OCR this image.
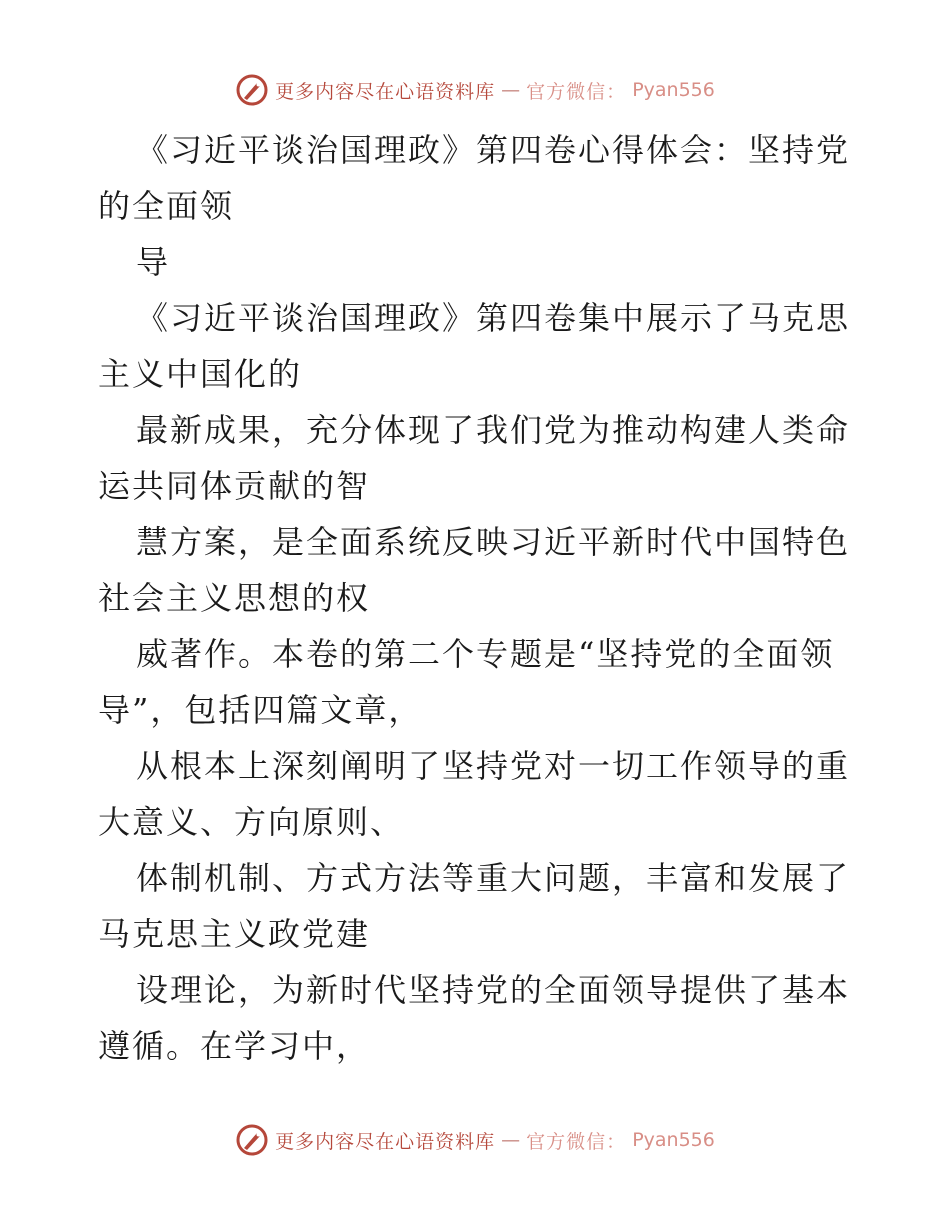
更多内容尽在心语资料库 — 官方微信： Pyan556
《习近平谈治国理政》第四卷心得体会：坚持党
的全面领
导
《习近平谈治国理政》第四卷集中展示了马克思
主义中国化的
最新成果，充分体现了我们党为推动构建人类命
运共同体贡献的智
慧方案，是全面系统反映习近平新时代中国特色
社会主义思想的权
威著作。本卷的第二个专题是“坚持党的全面领
导”，包括四篇文章，
从根本上深刻阐明了坚持党对一切工作领导的重
大意义、方向原则、
体制机制、方式方法等重大问题，丰富和发展了
马克思主义政党建
设理论，为新时代坚持党的全面领导提供了基本
遵循。在学习中，
更多内容尽在心语资料库 — 官方微信： Pyan556
